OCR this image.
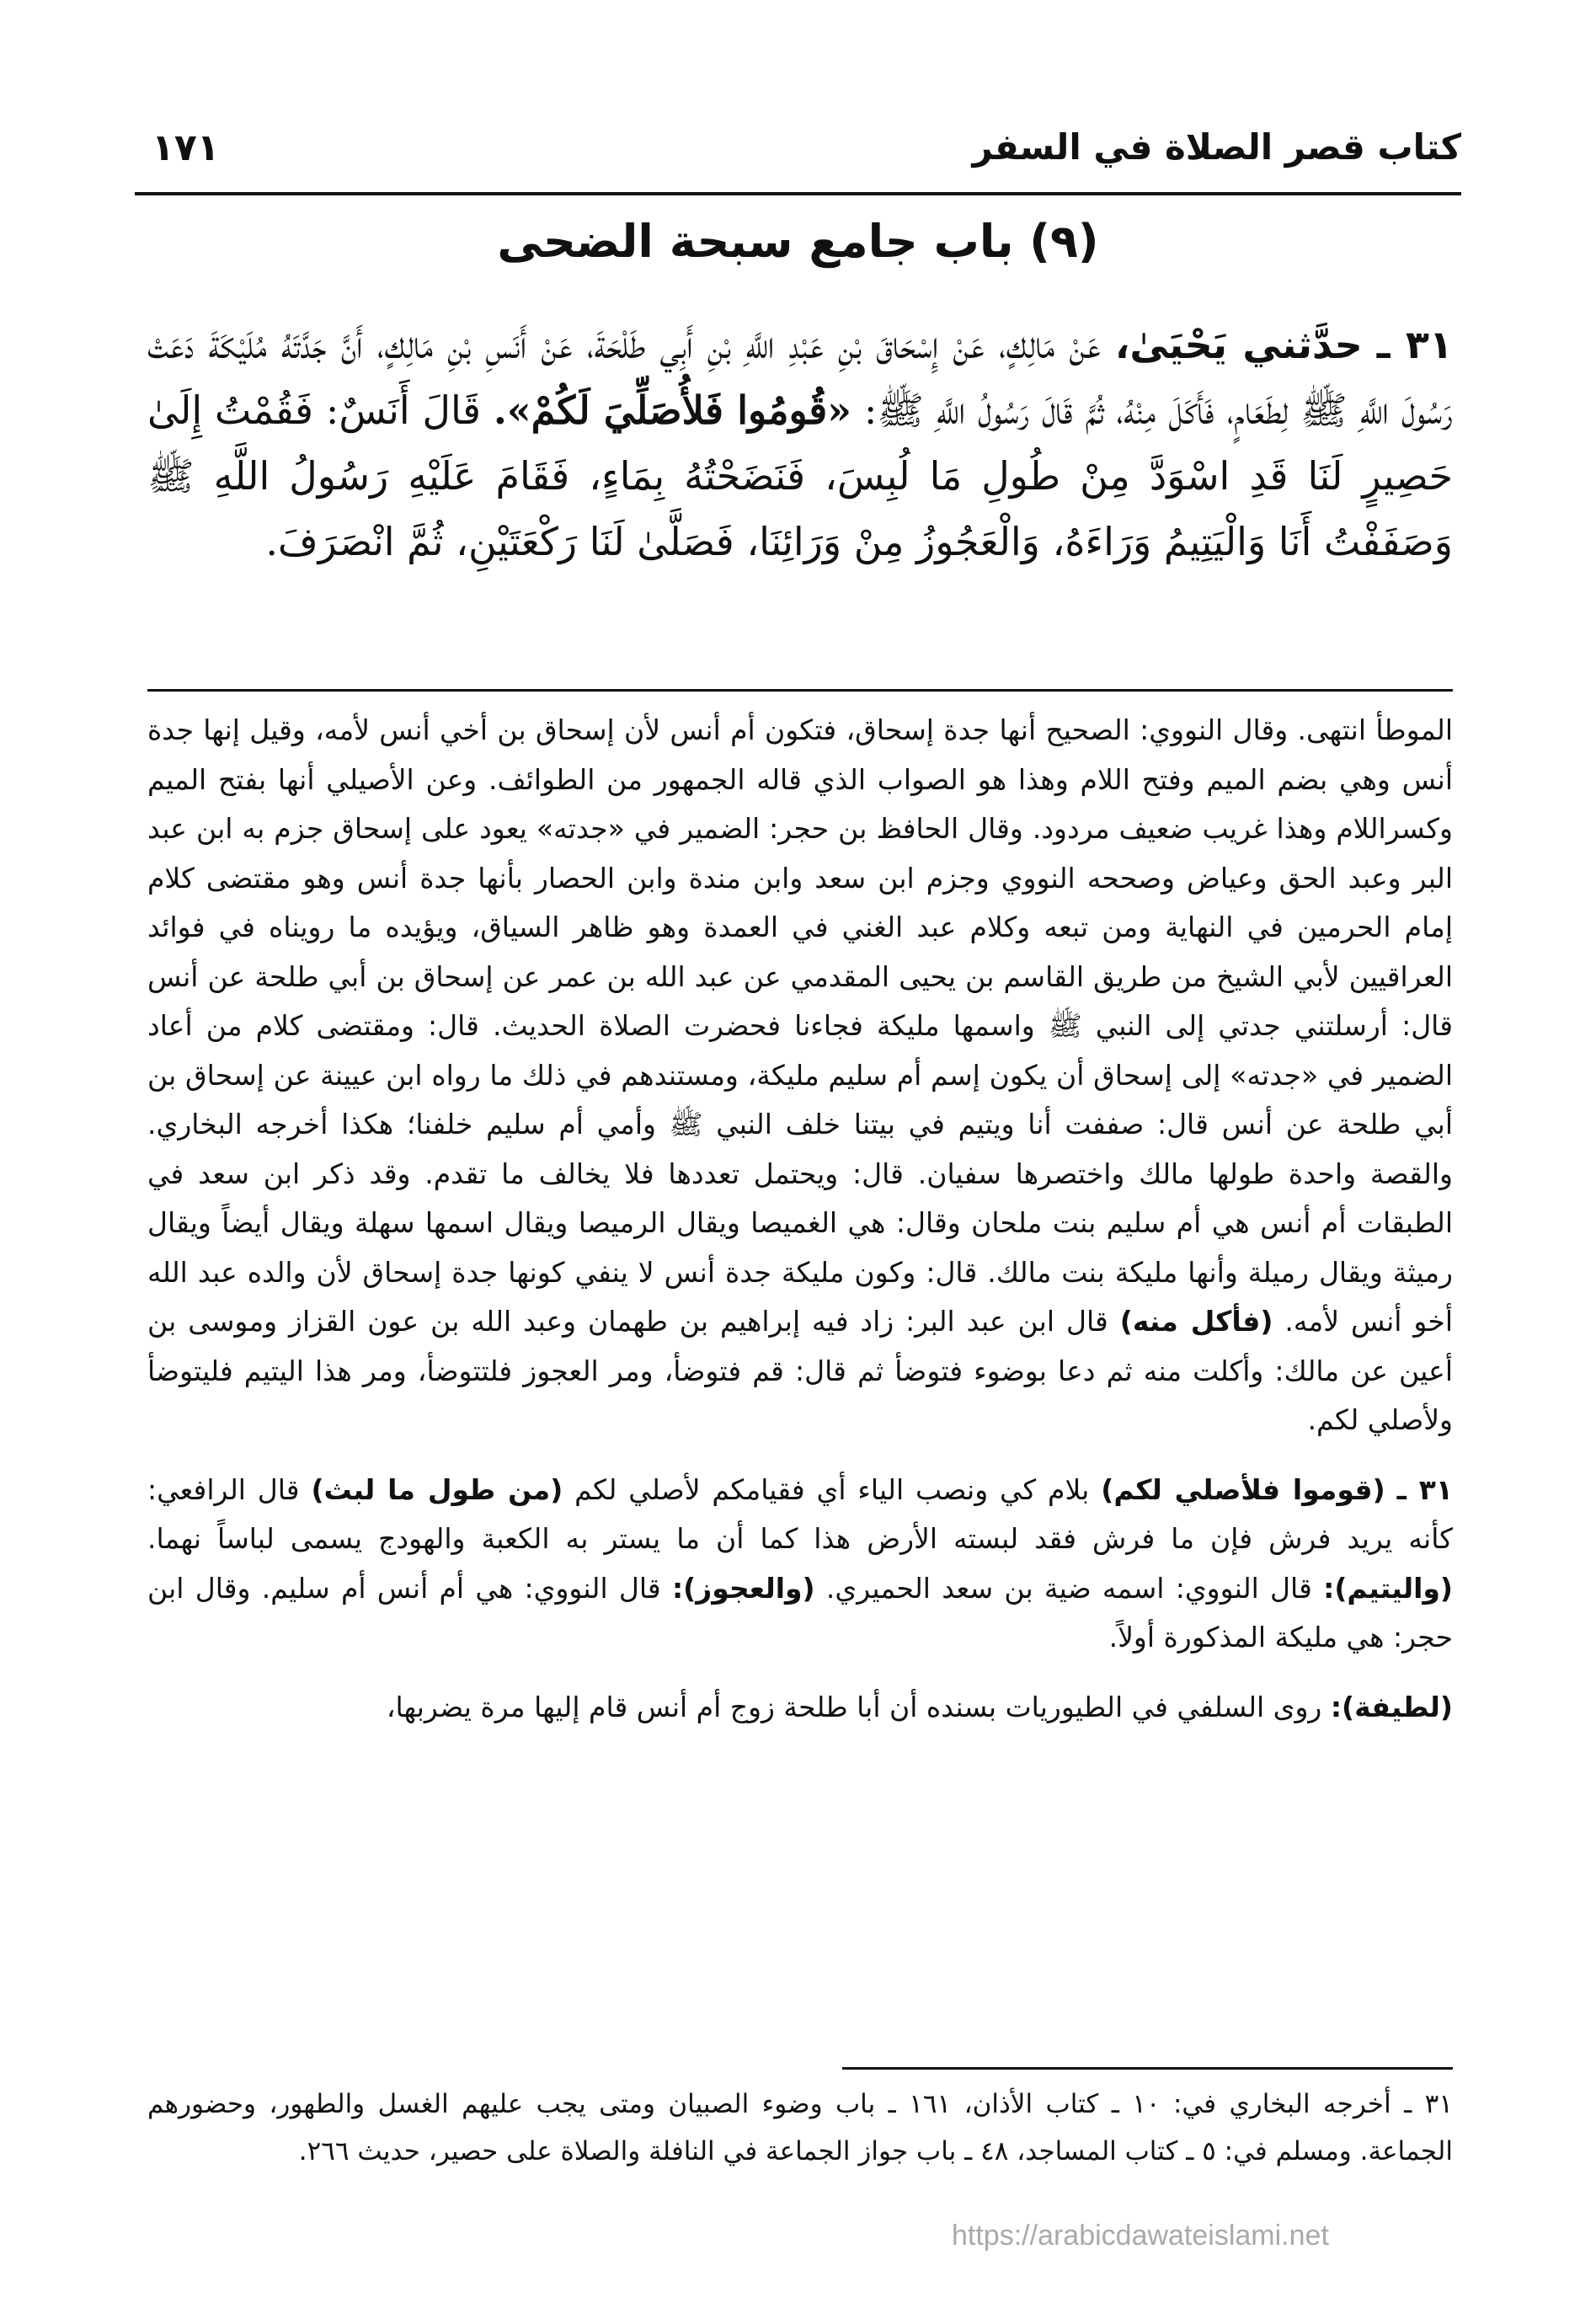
كتاب قصر الصلاة في السفر
١٧١
(٩) باب جامع سبحة الضحى
٣١ ـ حدَّثني يَحْيَىٰ، عَنْ مَالِكٍ، عَنْ إِسْحَاقَ بْنِ عَبْدِ اللَّهِ بْنِ أَبِي طَلْحَةَ، عَنْ أَنَسِ بْنِ مَالِكٍ، أَنَّ جَدَّتَهُ مُلَيْكَةَ دَعَتْ رَسُولَ اللَّهِ ﷺ لِطَعَامٍ، فَأَكَلَ مِنْهُ، ثُمَّ قَالَ رَسُولُ اللَّهِ ﷺ: «قُومُوا فَلأُصَلِّيَ لَكُمْ». قَالَ أَنَسٌ: فَقُمْتُ إِلَىٰ حَصِيرٍ لَنَا قَدِ اسْوَدَّ مِنْ طُولِ مَا لُبِسَ، فَنَضَحْتُهُ بِمَاءٍ، فَقَامَ عَلَيْهِ رَسُولُ اللَّهِ ﷺ وَصَفَفْتُ أَنَا وَالْيَتِيمُ وَرَاءَهُ، وَالْعَجُوزُ مِنْ وَرَائِنَا، فَصَلَّىٰ لَنَا رَكْعَتَيْنِ، ثُمَّ انْصَرَفَ.

الموطأ انتهى. وقال النووي: الصحيح أنها جدة إسحاق، فتكون أم أنس لأن إسحاق بن أخي أنس لأمه، وقيل إنها جدة أنس وهي بضم الميم وفتح اللام وهذا هو الصواب الذي قاله الجمهور من الطوائف. وعن الأصيلي أنها بفتح الميم وكسراللام وهذا غريب ضعيف مردود. وقال الحافظ بن حجر: الضمير في «جدته» يعود على إسحاق جزم به ابن عبد البر وعبد الحق وعياض وصححه النووي وجزم ابن سعد وابن مندة وابن الحصار بأنها جدة أنس وهو مقتضى كلام إمام الحرمين في النهاية ومن تبعه وكلام عبد الغني في العمدة وهو ظاهر السياق، ويؤيده ما رويناه في فوائد العراقيين لأبي الشيخ من طريق القاسم بن يحيى المقدمي عن عبد الله بن عمر عن إسحاق بن أبي طلحة عن أنس قال: أرسلتني جدتي إلى النبي ﷺ واسمها مليكة فجاءنا فحضرت الصلاة الحديث. قال: ومقتضى كلام من أعاد الضمير في «جدته» إلى إسحاق أن يكون إسم أم سليم مليكة، ومستندهم في ذلك ما رواه ابن عيينة عن إسحاق بن أبي طلحة عن أنس قال: صففت أنا ويتيم في بيتنا خلف النبي ﷺ وأمي أم سليم خلفنا؛ هكذا أخرجه البخاري. والقصة واحدة طولها مالك واختصرها سفيان. قال: ويحتمل تعددها فلا يخالف ما تقدم. وقد ذكر ابن سعد في الطبقات أم أنس هي أم سليم بنت ملحان وقال: هي الغميصا ويقال الرميصا ويقال اسمها سهلة ويقال أيضاً ويقال رميثة ويقال رميلة وأنها مليكة بنت مالك. قال: وكون مليكة جدة أنس لا ينفي كونها جدة إسحاق لأن والده عبد الله أخو أنس لأمه. (فأكل منه) قال ابن عبد البر: زاد فيه إبراهيم بن طهمان وعبد الله بن عون القزاز وموسى بن أعين عن مالك: وأكلت منه ثم دعا بوضوء فتوضأ ثم قال: قم فتوضأ، ومر العجوز فلتتوضأ، ومر هذا اليتيم فليتوضأ ولأصلي لكم.

٣١ ـ (قوموا فلأصلي لكم) بلام كي ونصب الياء أي فقيامكم لأصلي لكم (من طول ما لبث) قال الرافعي: كأنه يريد فرش فإن ما فرش فقد لبسته الأرض هذا كما أن ما يستر به الكعبة والهودج يسمى لباساً نهما. (واليتيم): قال النووي: اسمه ضية بن سعد الحميري. (والعجوز): قال النووي: هي أم أنس أم سليم. وقال ابن حجر: هي مليكة المذكورة أولاً.

(لطيفة): روى السلفي في الطيوريات بسنده أن أبا طلحة زوج أم أنس قام إليها مرة يضربها،

٣١ ـ أخرجه البخاري في: ١٠ ـ كتاب الأذان، ١٦١ ـ باب وضوء الصبيان ومتى يجب عليهم الغسل والطهور، وحضورهم الجماعة. ومسلم في: ٥ ـ كتاب المساجد، ٤٨ ـ باب جواز الجماعة في النافلة والصلاة على حصير، حديث ٢٦٦.
https://arabicdawateislami.net
